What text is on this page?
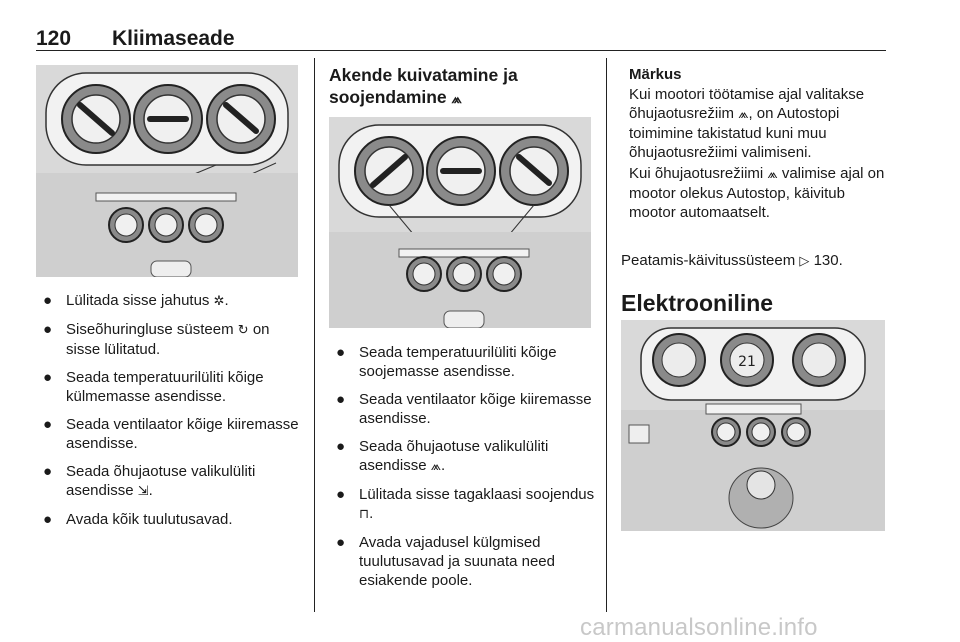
120 Kliimaseade
● Lülitada sisse jahutus ✲.
● Siseõhuringluse süsteem ↻ on sisse lülitatud.
● Seada temperatuurilüliti kõige külmemasse asendisse.
● Seada ventilaator kõige kiiremasse asendisse.
● Seada õhujaotuse valikulüliti asendisse ⇲.
● Avada kõik tuulutusavad.
Akende kuivatamine ja soojendamine ⩕
● Seada temperatuurilüliti kõige soojemasse asendisse.
● Seada ventilaator kõige kiiremasse asendisse.
● Seada õhujaotuse valikulüliti asendisse ⩕.
● Lülitada sisse tagaklaasi soojendus ⊓.
● Avada vajadusel külgmised tuulutusavad ja suunata need esiakende poole.
Märkus
Kui mootori töötamise ajal valitakse õhujaotusrežiim ⩕, on Autostopi toimimine takistatud kuni muu õhujaotusrežiimi valimiseni.
Kui õhujaotusrežiimi ⩕ valimise ajal on mootor olekus Autostop, käivitub mootor automaatselt.
Peatamis-käivitussüsteem ▷ 130.
Elektrooniline
21
carmanualsonline.info
